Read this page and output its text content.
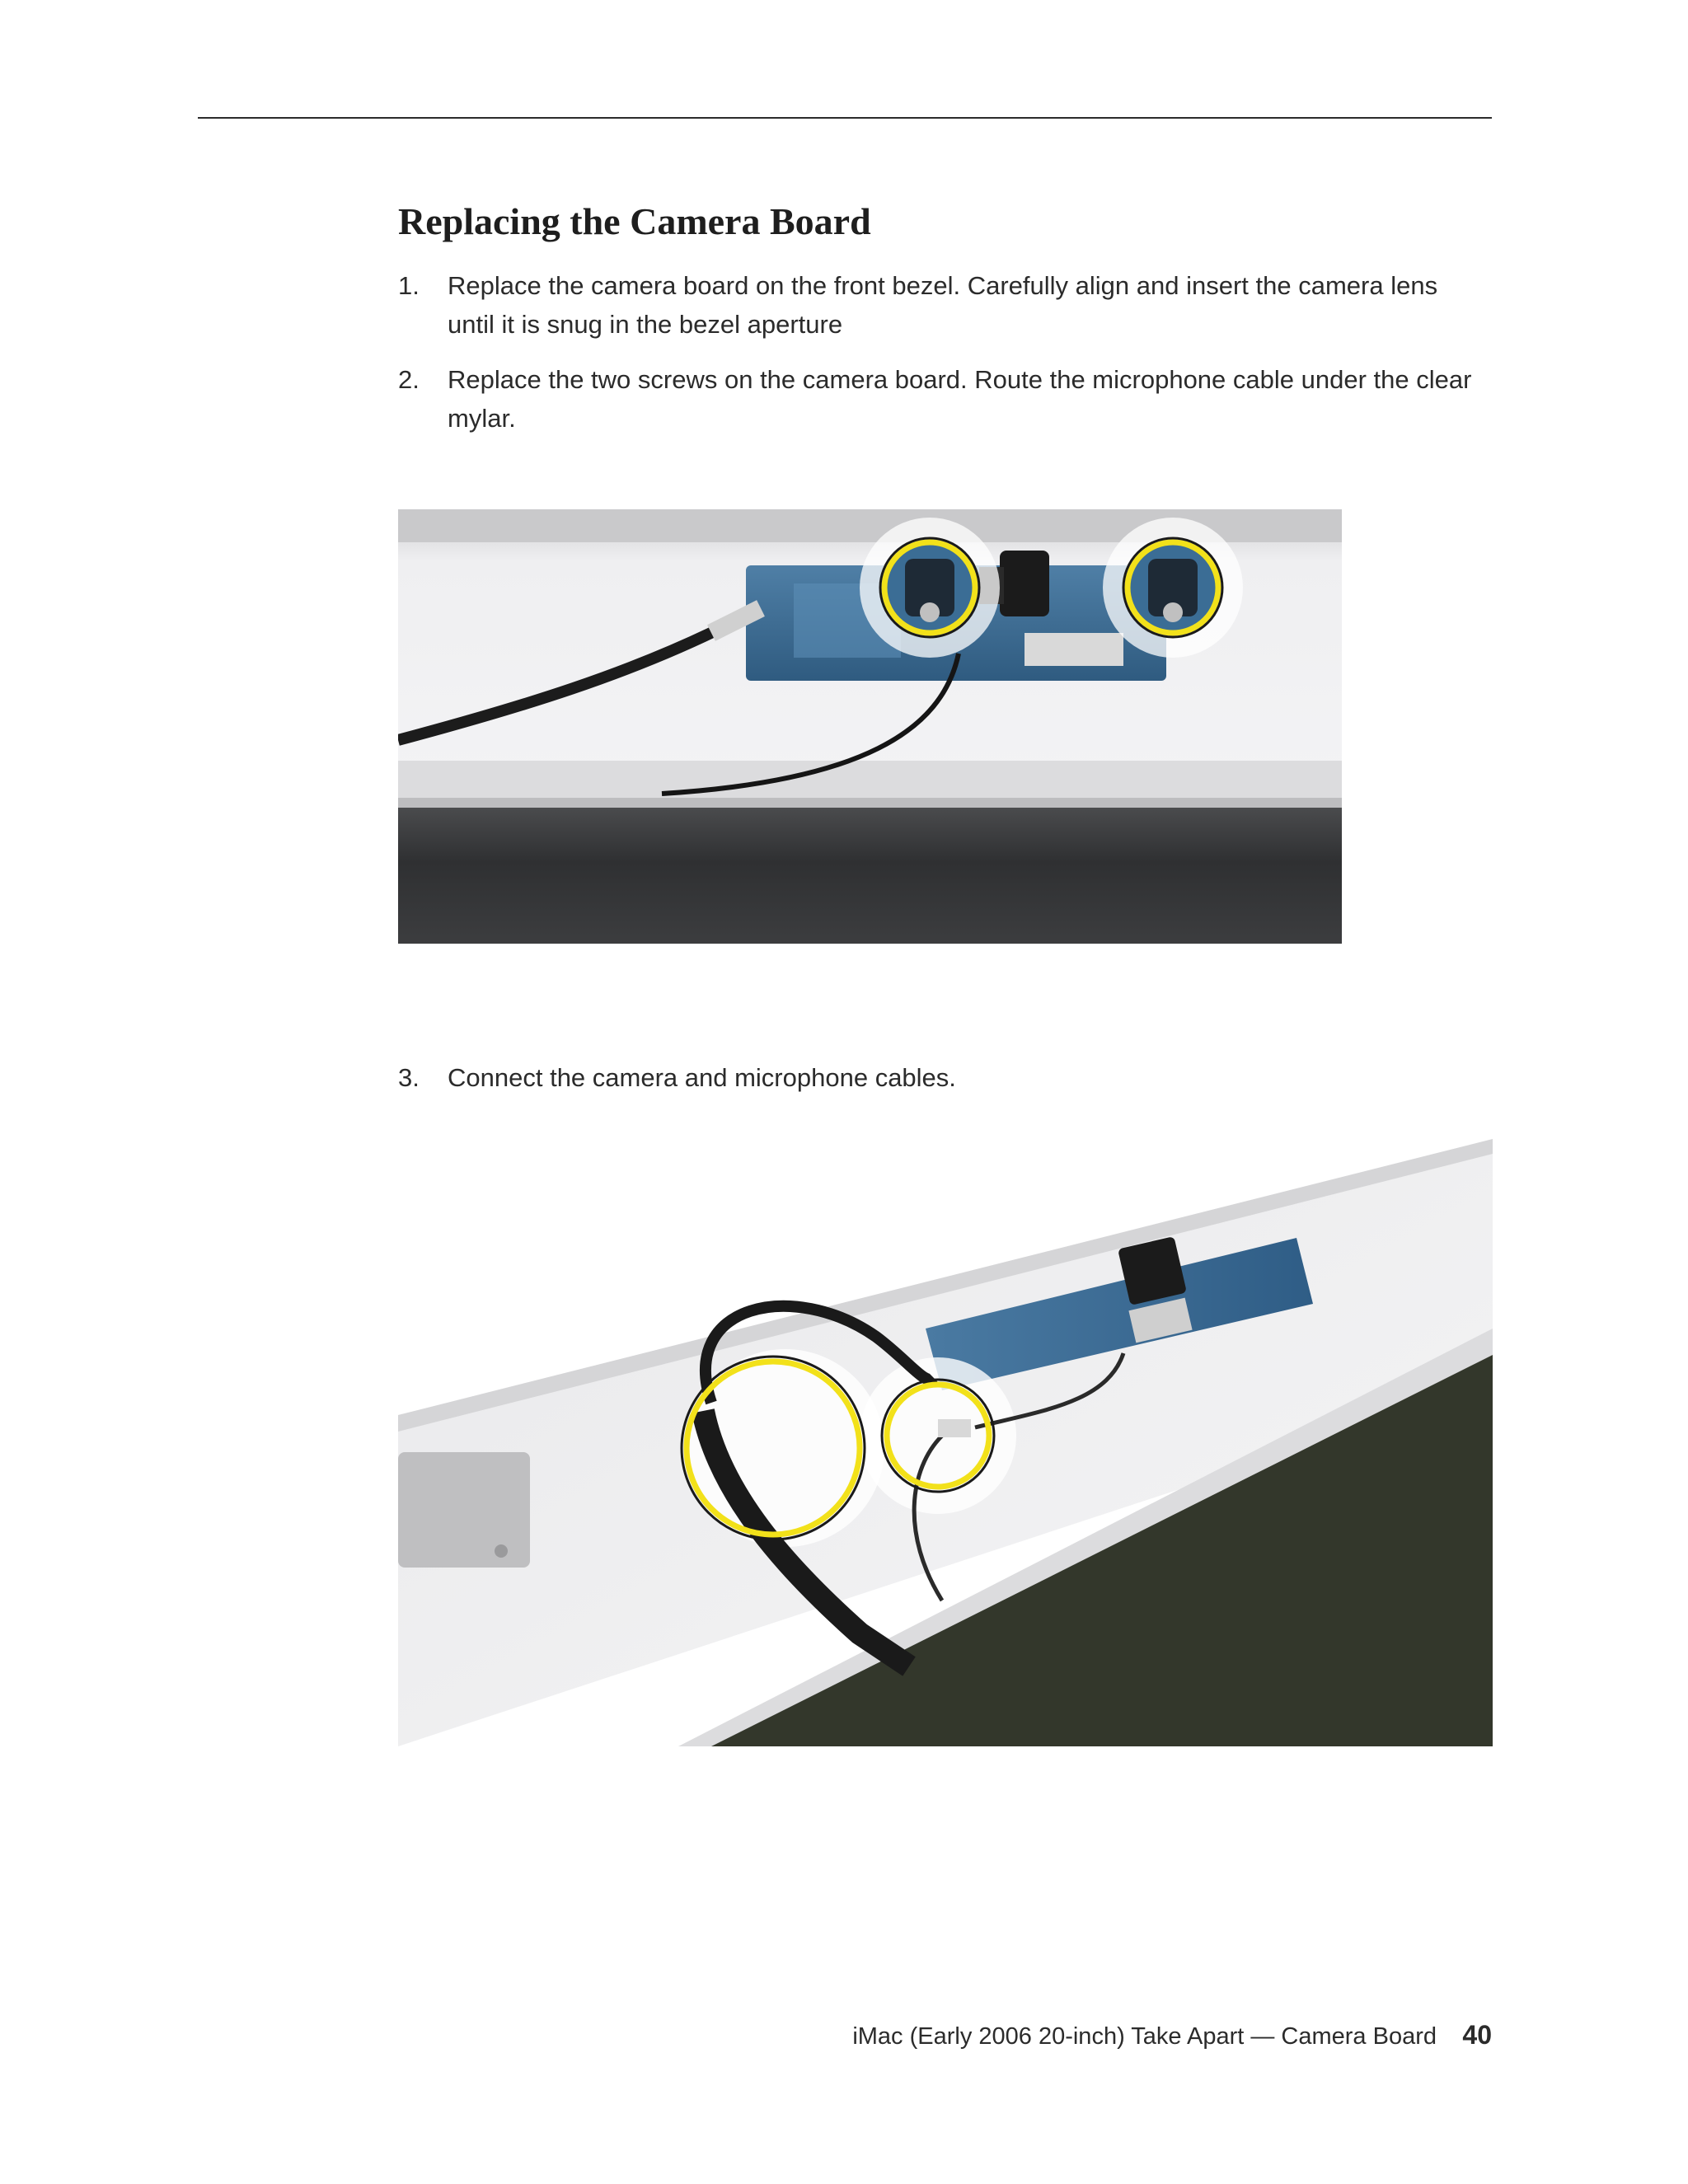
Replacing the Camera Board
1. Replace the camera board on the front bezel. Carefully align and insert the camera lens until it is snug in the bezel aperture
2. Replace the two screws on the camera board. Route the microphone cable under the clear mylar.
3. Connect the camera and microphone cables.
iMac (Early 2006 20-inch) Take Apart — Camera Board 40
